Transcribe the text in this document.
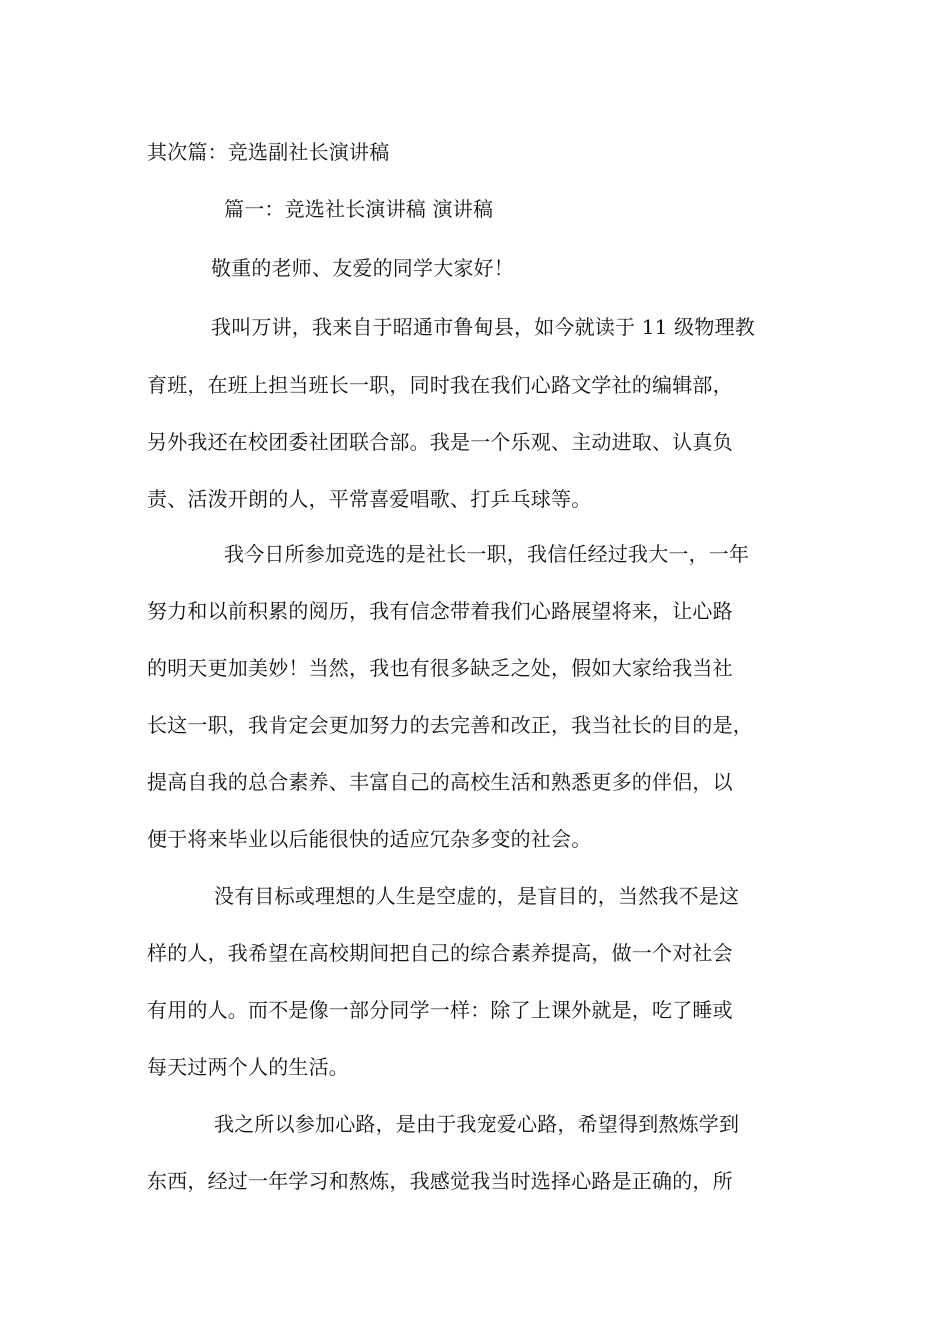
其次篇：竞选副社长演讲稿
篇一：竞选社长演讲稿 演讲稿
敬重的老师、友爱的同学大家好！
我叫万讲，我来自于昭通市鲁甸县，如今就读于 11 级物理教
育班，在班上担当班长一职，同时我在我们心路文学社的编辑部，
另外我还在校团委社团联合部。我是一个乐观、主动进取、认真负
责、活泼开朗的人，平常喜爱唱歌、打乒乓球等。
我今日所参加竞选的是社长一职，我信任经过我大一，一年
努力和以前积累的阅历，我有信念带着我们心路展望将来，让心路
的明天更加美妙！当然，我也有很多缺乏之处，假如大家给我当社
长这一职，我肯定会更加努力的去完善和改正，我当社长的目的是，
提高自我的总合素养、丰富自己的高校生活和熟悉更多的伴侣，以
便于将来毕业以后能很快的适应冗杂多变的社会。
没有目标或理想的人生是空虚的，是盲目的，当然我不是这
样的人，我希望在高校期间把自己的综合素养提高，做一个对社会
有用的人。而不是像一部分同学一样：除了上课外就是，吃了睡或
每天过两个人的生活。
我之所以参加心路，是由于我宠爱心路，希望得到熬炼学到
东西，经过一年学习和熬炼，我感觉我当时选择心路是正确的，所
